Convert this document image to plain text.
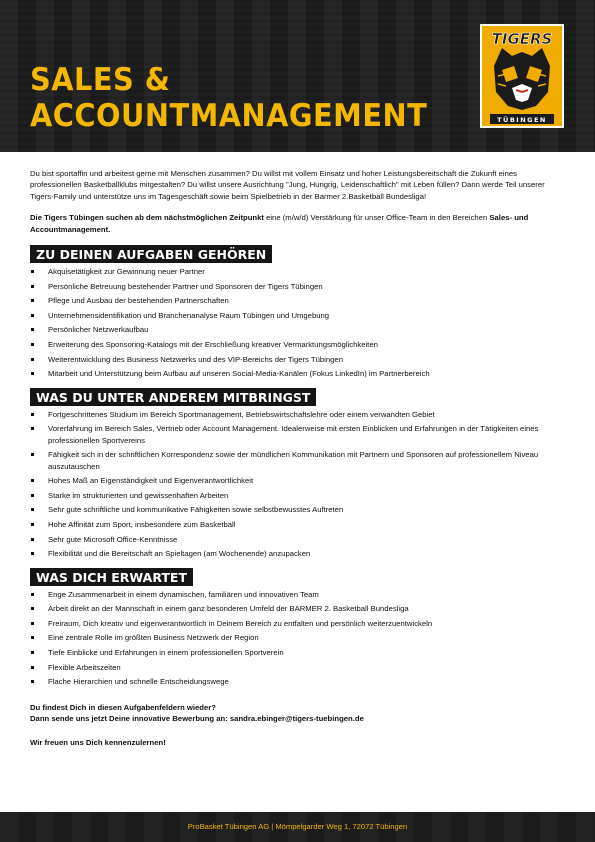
SALES &
ACCOUNTMANAGEMENT
TIGERS
TÜBINGEN

Du bist sportaffin und arbeitest gerne mit Menschen zusammen? Du willst mit vollem Einsatz und hoher Leistungsbereitschaft die Zukunft eines professionellen Basketballklubs mitgestalten? Du willst unsere Ausrichtung "Jung, Hungrig, Leidenschaftlich" mit Leben füllen? Dann werde Teil unserer Tigers-Family und unterstütze uns im Tagesgeschäft sowie beim Spielbetrieb in der Barmer 2.Basketball Bundesliga!

Die Tigers Tübingen suchen ab dem nächstmöglichen Zeitpunkt eine (m/w/d) Verstärkung für unser Office-Team in den Bereichen Sales- und Accountmanagement.

ZU DEINEN AUFGABEN GEHÖREN
Akquisetätigkeit zur Gewinnung neuer Partner
Persönliche Betreuung bestehender Partner und Sponsoren der Tigers Tübingen
Pflege und Ausbau der bestehenden Partnerschaften
Unternehmensidentifikation und Branchenanalyse Raum Tübingen und Umgebung
Persönlicher Netzwerkaufbau
Erweiterung des Sponsoring-Katalogs mit der Erschließung kreativer Vermarktungsmöglichkeiten
Weiterentwicklung des Business Netzwerks und des VIP-Bereichs der Tigers Tübingen
Mitarbeit und Unterstützung beim Aufbau auf unseren Social-Media-Kanälen (Fokus LinkedIn) im Partnerbereich
WAS DU UNTER ANDEREM MITBRINGST
Fortgeschrittenes Studium im Bereich Sportmanagement, Betriebswirtschaftslehre oder einem verwandten Gebiet
Vorerfahrung im Bereich Sales, Vertrieb oder Account Management. Idealerweise mit ersten Einblicken und Erfahrungen in der Tätigkeiten eines professionellen Sportvereins
Fähigkeit sich in der schriftlichen Korrespondenz sowie der mündlichen Kommunikation mit Partnern und Sponsoren auf professionellem Niveau auszutauschen
Hohes Maß an Eigenständigkeit und Eigenverantwortlichkeit
Starke im strukturierten und gewissenhaften Arbeiten
Sehr gute schriftliche und kommunikative Fähigkeiten sowie selbstbewusstes Auftreten
Hohe Affinität zum Sport, insbesondere zum Basketball
Sehr gute Microsoft Office-Kenntnisse
Flexibilität und die Bereitschaft an Spieltagen (am Wochenende) anzupacken
WAS DICH ERWARTET
Enge Zusammenarbeit in einem dynamischen, familiären und innovativen Team
Arbeit direkt an der Mannschaft in einem ganz besonderen Umfeld der BARMER 2. Basketball Bundesliga
Freiraum, Dich kreativ und eigenverantwortlich in Deinem Bereich zu entfalten und persönlich weiterzuentwickeln
Eine zentrale Rolle im größten Business Netzwerk der Region
Tiefe Einblicke und Erfahrungen in einem professionellen Sportverein
Flexible Arbeitszeiten
Flache Hierarchien und schnelle Entscheidungswege

Du findest Dich in diesen Aufgabenfeldern wieder?

Dann sende uns jetzt Deine innovative Bewerbung an: sandra.ebinger@tigers-tuebingen.de

Wir freuen uns Dich kennenzulernen!

ProBasket Tübingen AG | Mömpelgarder Weg 1, 72072 Tübingen
